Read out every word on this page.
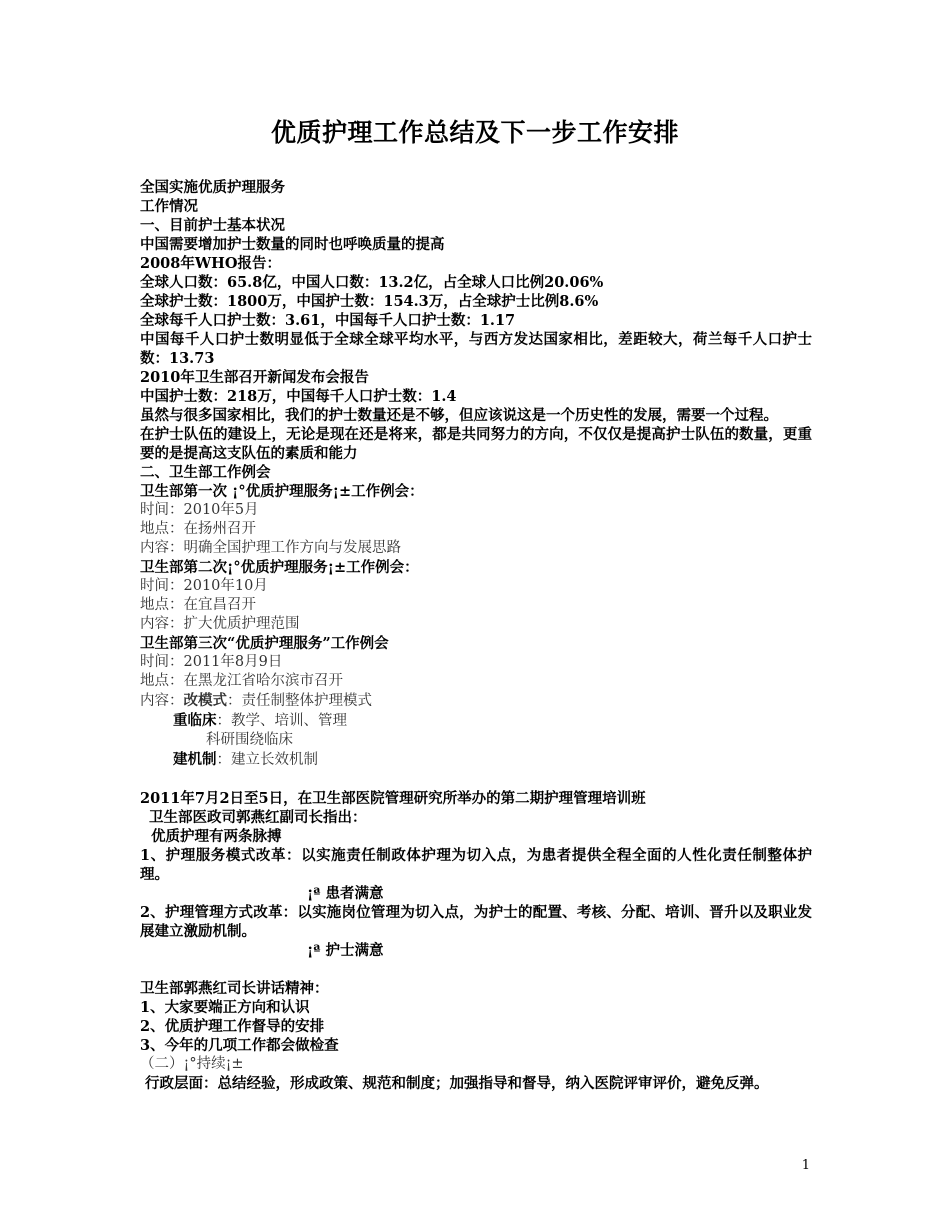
优质护理工作总结及下一步工作安排
全国实施优质护理服务
工作情况
一、目前护士基本状况
中国需要增加护士数量的同时也呼唤质量的提高
2008年WHO报告：
全球人口数：65.8亿，中国人口数：13.2亿，占全球人口比例20.06%
全球护士数：1800万，中国护士数：154.3万，占全球护士比例8.6%
全球每千人口护士数：3.61，中国每千人口护士数：1.17
中国每千人口护士数明显低于全球全球平均水平，与西方发达国家相比，差距较大，荷兰每千人口护士数：13.73
2010年卫生部召开新闻发布会报告
中国护士数：218万，中国每千人口护士数：1.4
虽然与很多国家相比，我们的护士数量还是不够，但应该说这是一个历史性的发展，需要一个过程。
在护士队伍的建设上，无论是现在还是将来，都是共同努力的方向，不仅仅是提高护士队伍的数量，更重要的是提高这支队伍的素质和能力
二、卫生部工作例会
卫生部第一次 ¡°优质护理服务¡±工作例会：
时间：2010年5月
地点：在扬州召开
内容：明确全国护理工作方向与发展思路
卫生部第二次¡°优质护理服务¡±工作例会：
时间：2010年10月
地点：在宜昌召开
内容：扩大优质护理范围
卫生部第三次“优质护理服务”工作例会
时间：2011年8月9日
地点：在黑龙江省哈尔滨市召开
内容：改模式：责任制整体护理模式
重临床：教学、培训、管理
科研围绕临床
建机制：建立长效机制
2011年7月2日至5日，在卫生部医院管理研究所举办的第二期护理管理培训班
卫生部医政司郭燕红副司长指出：
优质护理有两条脉搏
1、护理服务模式改革：以实施责任制政体护理为切入点，为患者提供全程全面的人性化责任制整体护理。
¡ª 患者满意
2、护理管理方式改革：以实施岗位管理为切入点，为护士的配置、考核、分配、培训、晋升以及职业发展建立激励机制。
¡ª 护士满意
卫生部郭燕红司长讲话精神：
1、大家要端正方向和认识
2、优质护理工作督导的安排
3、今年的几项工作都会做检查
（二）¡°持续¡±
行政层面：总结经验，形成政策、规范和制度；加强指导和督导，纳入医院评审评价，避免反弹。
1
